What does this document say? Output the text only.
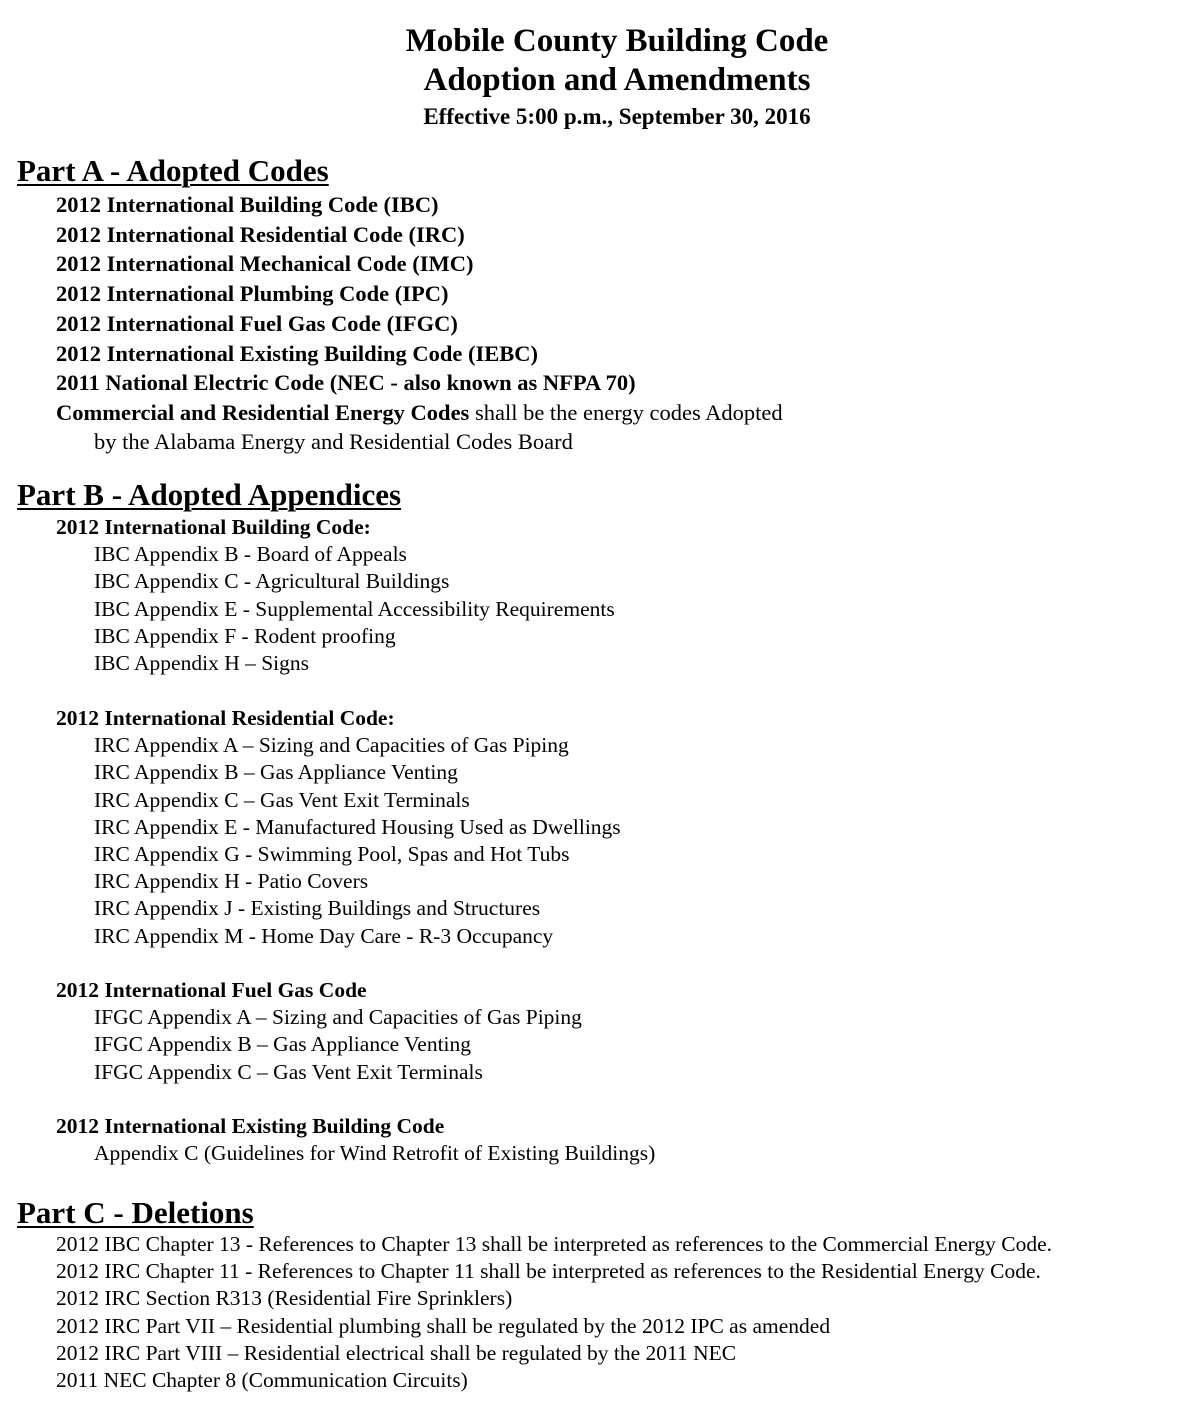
Mobile County Building Code
Adoption and Amendments
Effective 5:00 p.m., September 30, 2016
Part A - Adopted Codes
2012 International Building Code (IBC)
2012 International Residential Code (IRC)
2012 International Mechanical Code (IMC)
2012 International Plumbing Code (IPC)
2012 International Fuel Gas Code (IFGC)
2012 International Existing Building Code (IEBC)
2011 National Electric Code (NEC - also known as NFPA 70)
Commercial and Residential Energy Codes shall be the energy codes Adopted
by the Alabama Energy and Residential Codes Board
Part B - Adopted Appendices
2012 International Building Code:
IBC Appendix B - Board of Appeals
IBC Appendix C - Agricultural Buildings
IBC Appendix E - Supplemental Accessibility Requirements
IBC Appendix F - Rodent proofing
IBC Appendix H – Signs
2012 International Residential Code:
IRC Appendix A – Sizing and Capacities of Gas Piping
IRC Appendix B – Gas Appliance Venting
IRC Appendix C – Gas Vent Exit Terminals
IRC Appendix E - Manufactured Housing Used as Dwellings
IRC Appendix G - Swimming Pool, Spas and Hot Tubs
IRC Appendix H - Patio Covers
IRC Appendix J - Existing Buildings and Structures
IRC Appendix M - Home Day Care - R-3 Occupancy
2012 International Fuel Gas Code
IFGC Appendix A – Sizing and Capacities of Gas Piping
IFGC Appendix B – Gas Appliance Venting
IFGC Appendix C – Gas Vent Exit Terminals
2012 International Existing Building Code
Appendix C (Guidelines for Wind Retrofit of Existing Buildings)
Part C - Deletions
2012 IBC Chapter 13 - References to Chapter 13 shall be interpreted as references to the Commercial Energy Code.
2012 IRC Chapter 11 - References to Chapter 11 shall be interpreted as references to the Residential Energy Code.
2012 IRC Section R313 (Residential Fire Sprinklers)
2012 IRC Part VII – Residential plumbing shall be regulated by the 2012 IPC as amended
2012 IRC Part VIII – Residential electrical shall be regulated by the 2011 NEC
2011 NEC Chapter 8 (Communication Circuits)
